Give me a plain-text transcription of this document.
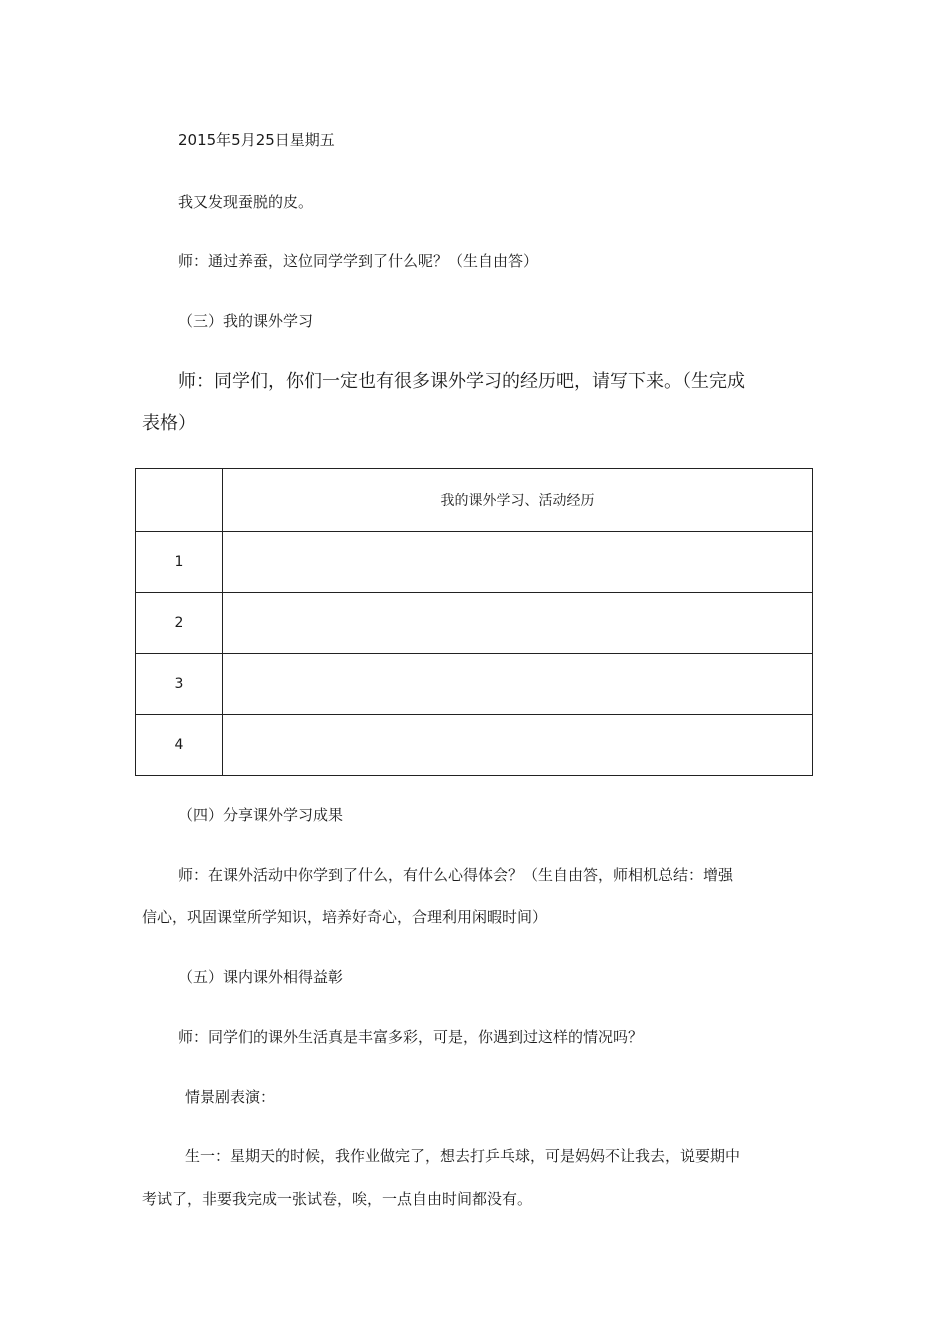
2015年5月25日星期五
我又发现蚕脱的皮。
师：通过养蚕，这位同学学到了什么呢？（生自由答）
（三）我的课外学习
师：同学们，你们一定也有很多课外学习的经历吧，请写下来。（生完成
表格）
	我的课外学习、活动经历
1	
2	
3	
4	
（四）分享课外学习成果
师：在课外活动中你学到了什么，有什么心得体会？（生自由答，师相机总结：增强
信心，巩固课堂所学知识，培养好奇心，合理利用闲暇时间）
（五）课内课外相得益彰
师：同学们的课外生活真是丰富多彩，可是，你遇到过这样的情况吗？
情景剧表演：
生一：星期天的时候，我作业做完了，想去打乒乓球，可是妈妈不让我去，说要期中
考试了，非要我完成一张试卷，唉，一点自由时间都没有。
